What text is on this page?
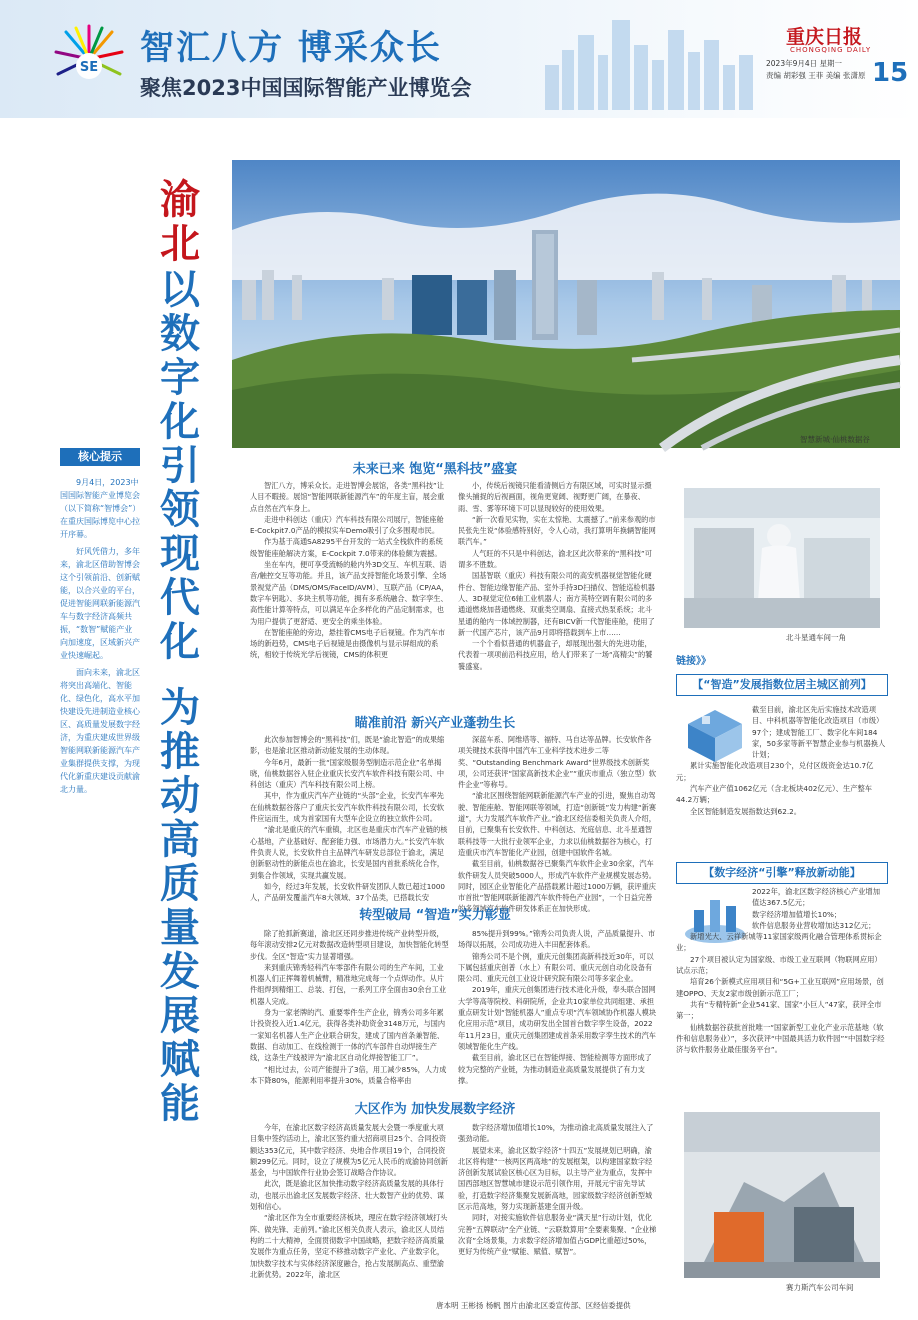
SE 智汇八方 博采众长
聚焦2023中国国际智能产业博览会
重庆日报
CHONGQING DAILY
2023年9月4日 星期一
责编 胡彩强 王菲 美编 张潇原 15
渝
北
以
数
字
化
引
领
现
代
化
为
推
动
高
质
量
发
展
赋
能
核心提示

9月4日，2023中国国际智能产业博览会（以下简称“智博会”）在重庆国际博览中心拉开序幕。

好风凭借力，多年来，渝北区借助智博会这个引领前沿、创新赋能，以合兴业的平台，促进智能网联新能源汽车与数字经济高频共振，“数智”赋能产业向加速度，区域新兴产业快速崛起。

面向未来，渝北区将突出高端化、智能化、绿色化，高水平加快建设先进制造业核心区、高质量发展数字经济，为重庆建成世界级智能网联新能源汽车产业集群提供支撑，为现代化新重庆建设贡献渝北力量。

智慧新城·仙桃数据谷
未来已来 饱览“黑科技”盛宴

智汇八方，博采众长。走进智博会展馆，各类“黑科技”让人目不暇接。展馆“智能网联新能源汽车”的年度主盲，展会重点自然在汽车身上。

走进中科创达（重庆）汽车科技有限公司展厅，智能座舱E-Cockpit7.0产品的模拟实车Demo吸引了众多围观市民。

作为基于高通SA8295平台开发的一站式全栈软件的系统级智能座舱解决方案，E-Cockpit 7.0带来的体验颇为震撼。

坐在车内，便可享受流畅的舱内外3D交互、车机互联、语音/触控交互等功能。并且，该产品支持智能化场景引擎、全场景视觉产品（DMS/OMS/FaceID/AVM）、互联产品（CP/AA，数字车钥匙）、多块主机等功能，拥有多系统融合、数字孪生、高性能计算等特点，可以满足车企多样化的产品定制需求，也为用户提供了更舒适、更安全的乘坐体验。

在智能座舱的旁边，悬挂着CMS电子后视镜。作为汽车市场的新趋势，CMS电子后视镜是由摄像机与显示屏组成的系统，相较于传统光学后视镜，CMS的体积更

小，传统后视镜只能看清侧后方有限区域，可实时显示摄像头捕捉的后视画面，视角更宽阔、视野更广阔，在暴夜、雨、雪、雾等环境下可以显现较好的使用效果。

“新一次看见实物，实在太惊艳、太震撼了。”前来参观的市民张先生说“体验感特别好，令人心动，我打算明年换辆智能网联汽车。”

人气旺的不只是中科创达，渝北区此次带来的“黑科技”可谓多不胜数。

国基智联（重庆）科技有限公司的高安机器视觉智能化硬件台、智能边缘智能产品、室外手持3D扫描仪、智能巡检机器人、3D视觉定位6轴工业机器人；南方英特空调有限公司的多通道燃烧加普通燃烧、双重类空调扇、直接式热泵系统；北斗星通的舱内一体域控制器，还有BICV新一代智能座舱，使用了新一代国产芯片，该产品9月即将搭载到车上市……

一个个看似普通的机器盒子，却展现出强大的先进功能，代表着一项项前沿科技应用，给人们带来了一场“高精尖”的饕餮盛宴。

瞄准前沿 新兴产业蓬勃生长

此次参加智博会的“黑科技”们，既是“渝北智造”的成果缩影，也是渝北区推动新动能发展的生动体现。

今年6月，最新一批“国家级服务型制造示范企业”名单揭晓，仙桃数据谷入驻企业重庆长安汽车软件科技有限公司、中科创达（重庆）汽车科技有限公司上榜。

其中，作为重庆汽车产业链的“头部”企业，长安汽车率先在仙桃数据谷落户了重庆长安汽车软件科技有限公司，长安软件应运而生，成为首家国有大型车企设立的独立软件公司。

“渝北是重庆的汽车重镇，北区也是重庆市汽车产业链的核心基地，产业基础好、配套能力强、市场潜力大。”长安汽车软件负责人说，长安软件自主品牌汽车研发总部位于渝北，满足创新驱动性的新能点也在渝北，长安是国内首批系统化合作，到集合作领域，实现共赢发展。

如今，经过3年发展，长安软件研发团队人数已超过1000人，产品研发覆盖汽车8大领域、37个品类，已搭载长安

深蓝车系、阿维塔等、福特、马自达等品牌。长安软件各项关键技术获得中国汽车工业科学技术进步二等奖、“Outstanding Benchmark Award”世界级技术创新奖项，公司还获评“国家高新技术企业”“重庆市重点（独立型）软件企业”等称号。

“渝北区围绕智能网联新能源汽车产业的引进，聚焦自动驾驶、智能座舱、智能网联等领域，打造“创新链”发力构建“新赛道”，大力发展汽车软件产业。”渝北区经信委相关负责人介绍，目前，已聚集有长安软件、中科创达、光庭信息、北斗星通智联科技等一大批行业领军企业，力求以仙桃数据谷为核心，打造重庆市汽车智能化产业园，创建中国软件名城。

截至目前，仙桃数据谷已聚集汽车软件企业30余家，汽车软件研发人员突破5000人，形成汽车软件产业规模发展态势。同时，园区企业智能化产品搭载累计超过1000万辆，获评重庆市首批“智能网联新能源汽车软件特色产业园”，一个日益完善的多领域汽车软件研发体系正在加快形成。

转型破局 “智造”实力彰显

除了抢抓新赛道，渝北区还同步推进传统产业转型升级，每年滚动安排2亿元对数据改造转型项目建设，加快智能化转型步伐。全区“智造”实力显著增强。

来到重庆锦秀轻科汽车零部件有限公司的生产车间，工业机器人们正挥舞着机械臂，精准地完成每一个点焊动作。从片件组焊到精细工、总装、打包，一系列工序全面由30余台工业机器人完成。

身为一家老牌的汽、重要零件生产企业，锦秀公司多年累计投资投入近1.4亿元，获得各类补助资金3148万元，与国内一家知名机器人生产企业联合研发，建成了国内首条兼智能、数据、自动加工、在线检测于一体的汽车部件自动焊接生产线，这条生产线被评为“渝北区自动化焊接智能工厂”。

“相比过去，公司产能提升了3倍，用工减少85%，人力成本下降80%，能源利用率提升30%，质量合格率由

85%提升到99%。”锦秀公司负责人说，产品质量提升、市场得以拓展，公司成功进入丰田配套体系。

锦秀公司不是个例，重庆元创集团高新科技近30年，可以下属包括重庆创普（水上）有限公司、重庆元创自动化设备有限公司、重庆元创工业设计研究院有限公司等多家企业。

2019年，重庆元创集团进行技术进化升级，奉头联合国网大学等高等院校、科研院所，企业共10家单位共同组建、承担重点研发计划“智能机器人”重点专项“汽车领域协作机器人模块化应用示范”项目，成功研发出全国首台数字孪生设备，2022年11月23日，重庆元创集团建成首条采用数字孪生技术的汽车领域智能化生产线。

截至目前，渝北区已在智能焊接、智能检测等方面形成了较为完整的产业链，为推动制造业高质量发展提供了有力支撑。

大区作为 加快发展数字经济

今年，在渝北区数字经济高质量发展大会暨一季度重大项目集中签约活动上，渝北区签约重大招商项目25个、合同投资额达353亿元，其中数字经济、央地合作项目19个，合同投资额299亿元。同时，设立了规模为5亿元人民币的成渝协同创新基金，与中国软件行业协会签订战略合作协议。

此次，既是渝北区加快推动数字经济高质量发展的具体行动，也展示出渝北区发展数字经济、壮大数智产业的优势、谋划和信心。

“渝北区作为全市重要经济板块，理应在数字经济领域打头阵、做先锋、走前列。”渝北区相关负责人表示，渝北区人员结构的二十大精神，全面贯彻数字中国战略，把数字经济高质量发展作为重点任务，坚定不移推动数字产业化、产业数字化，加快数字技术与实体经济深度融合，抢占发展制高点、重塑渝北新优势。2022年，渝北区

数字经济增加值增长10%，为推动渝北高质量发展注入了强劲动能。

展望未来，渝北区数字经济“十四五”发展规划已明确，渝北区将构建“一核两区两高地”的发展框架，以构建国家数字经济创新发展试验区核心区为目标，以主导产业为重点，发挥中国西部地区智慧城市建设示范引领作用，开展元宇宙先导试验，打造数字经济集聚发展新高地，园家级数字经济创新型城区示范高地，努力实现新基建全面升级。

同时，对接实施软件信息服务业“满天星”行动计划，优化完善“五牌联动”全产业链、“云联数算用”全要素集聚、“企业梯次育”全场景集，力求数字经济增加值占GDP比重超过50%，更好为传统产业“赋能、赋值、赋智”。

唐本明 王彬扬 杨帆 图片由渝北区委宣传部、区经信委提供
北斗星通车间一角
链接》》
【“智造”发展指数位居主城区前列】

截至目前，渝北区先后实施技术改造项目、中科机器等智能化改造项目（市级）97个；建成智能工厂、数字化车间184家，50多家等新平智慧企业参与机器换人计划；

累计实施智能化改造项目230个，兑付区级资金达10.7亿元；

汽车产业产值1062亿元（含北板块402亿元）、生产整车44.2万辆；

全区智能制造发展指数达到62.2。

【数字经济“引擎”释放新动能】

2022年，渝北区数字经济核心产业增加值达367.5亿元；

数字经济增加值增长10%；

软件信息服务业营收增加达312亿元；

新增光大、云祥新城等11家国家级两化融合管理体系贯标企业；

27个项目被认定为国家级、市级工业互联网（物联网应用）试点示范；

培育26个新模式应用项目和“5G+工业互联网”应用场景，创建OPPO、天友2家市级创新示范工厂；

共有“专精特新”企业541家、国家“小巨人”47家，获评全市第一；

仙桃数据谷获批首批唯一“国家新型工业化产业示范基地（软件和信息服务业）”，多次获评“中国最具活力软件园”“中国数字经济与软件服务业最佳服务平台”。

赛力斯汽车公司车间
